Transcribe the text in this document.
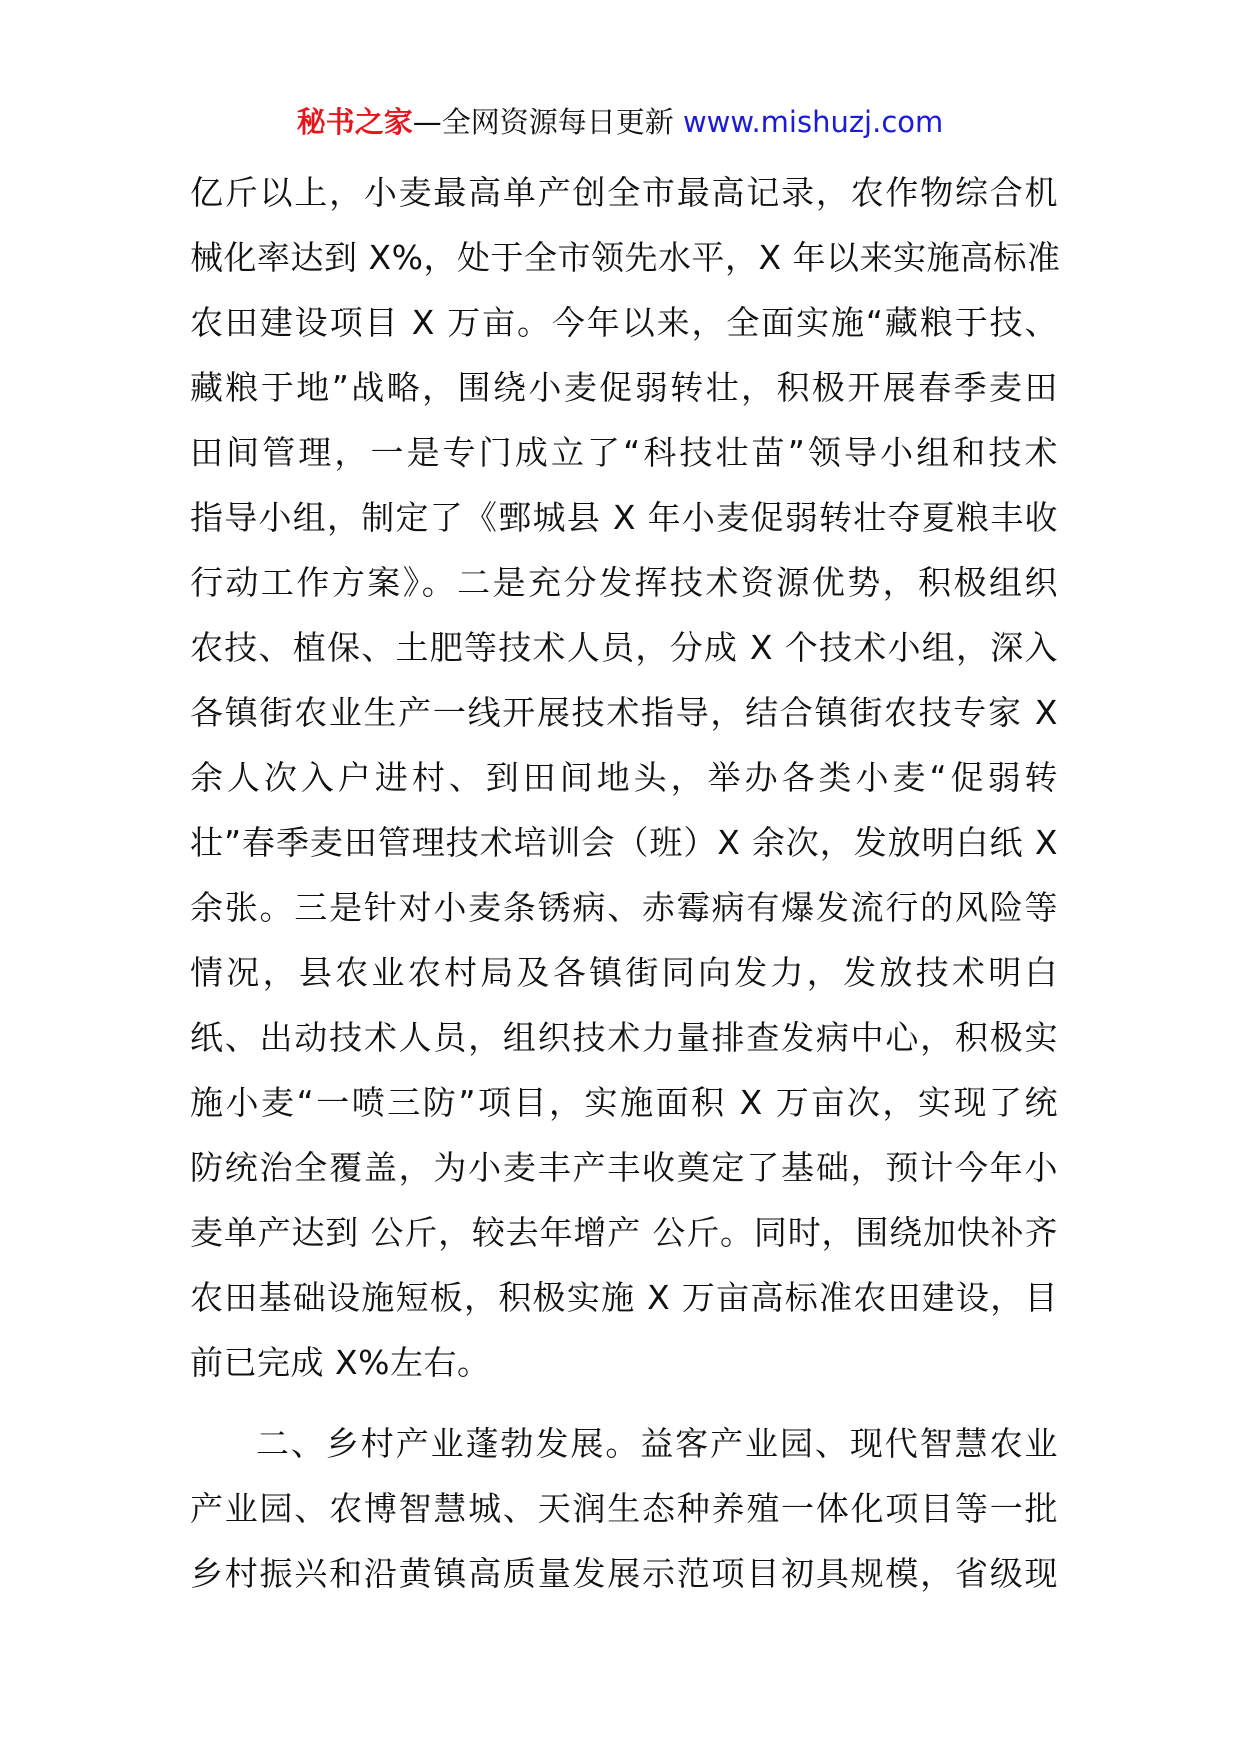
秘书之家—全网资源每日更新 www.mishuzj.com
亿斤以上，小麦最高单产创全市最高记录，农作物综合机
械化率达到 X%，处于全市领先水平，X 年以来实施高标准
农田建设项目 X 万亩。今年以来，全面实施“藏粮于技、
藏粮于地”战略，围绕小麦促弱转壮，积极开展春季麦田
田间管理，一是专门成立了“科技壮苗”领导小组和技术
指导小组，制定了《鄄城县 X 年小麦促弱转壮夺夏粮丰收
行动工作方案》。二是充分发挥技术资源优势，积极组织
农技、植保、土肥等技术人员，分成 X 个技术小组，深入
各镇街农业生产一线开展技术指导，结合镇街农技专家 X
余人次入户进村、到田间地头，举办各类小麦“促弱转
壮”春季麦田管理技术培训会（班）X 余次，发放明白纸 X
余张。三是针对小麦条锈病、赤霉病有爆发流行的风险等
情况，县农业农村局及各镇街同向发力，发放技术明白
纸、出动技术人员，组织技术力量排查发病中心，积极实
施小麦“一喷三防”项目，实施面积 X 万亩次，实现了统
防统治全覆盖，为小麦丰产丰收奠定了基础，预计今年小
麦单产达到 公斤，较去年增产 公斤。同时，围绕加快补齐
农田基础设施短板，积极实施 X 万亩高标准农田建设，目
前已完成 X%左右。
二、乡村产业蓬勃发展。益客产业园、现代智慧农业
产业园、农博智慧城、天润生态种养殖一体化项目等一批
乡村振兴和沿黄镇高质量发展示范项目初具规模，省级现
